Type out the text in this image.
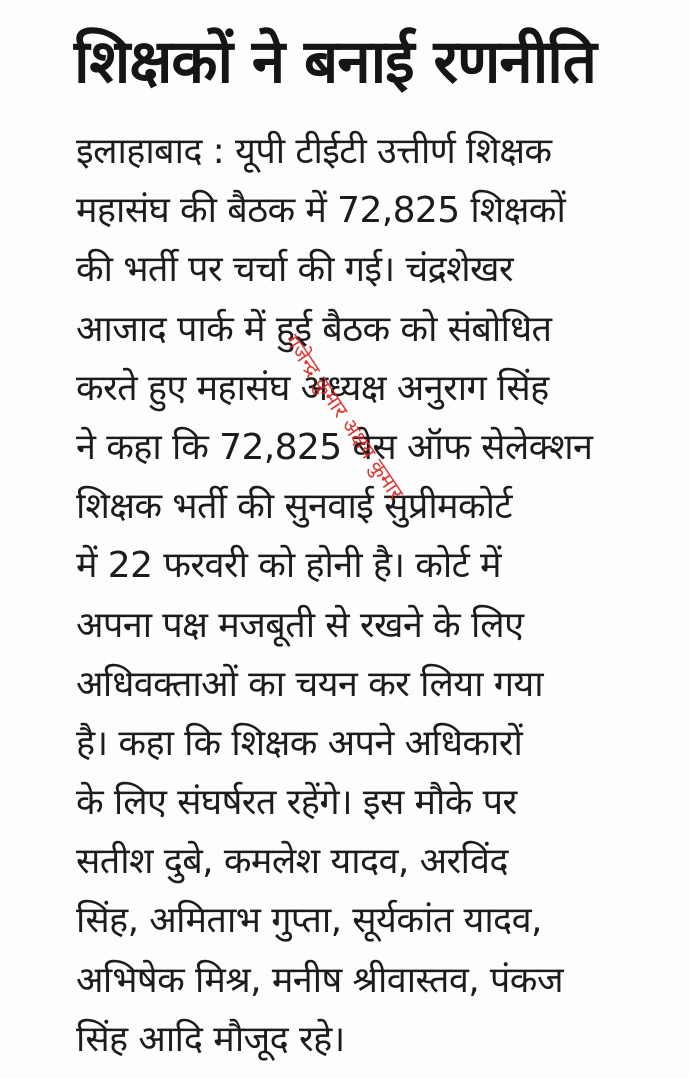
शिक्षकों ने बनाई रणनीति
इलाहाबाद : यूपी टीईटी उत्तीर्ण शिक्षक
महासंघ की बैठक में 72,825 शिक्षकों
की भर्ती पर चर्चा की गई। चंद्रशेखर
आजाद पार्क में हुई बैठक को संबोधित
करते हुए महासंघ अध्यक्ष अनुराग सिंह
ने कहा कि 72,825 बेस ऑफ सेलेक्शन
शिक्षक भर्ती की सुनवाई सुप्रीमकोर्ट
में 22 फरवरी को होनी है। कोर्ट में
अपना पक्ष मजबूती से रखने के लिए
अधिवक्ताओं का चयन कर लिया गया
है। कहा कि शिक्षक अपने अधिकारों
के लिए संघर्षरत रहेंगे। इस मौके पर
सतीश दुबे, कमलेश यादव, अरविंद
सिंह, अमिताभ गुप्ता, सूर्यकांत यादव,
अभिषेक मिश्र, मनीष श्रीवास्तव, पंकज
सिंह आदि मौजूद रहे।
गजेन्द्र कुमार अक्षय कुमार
